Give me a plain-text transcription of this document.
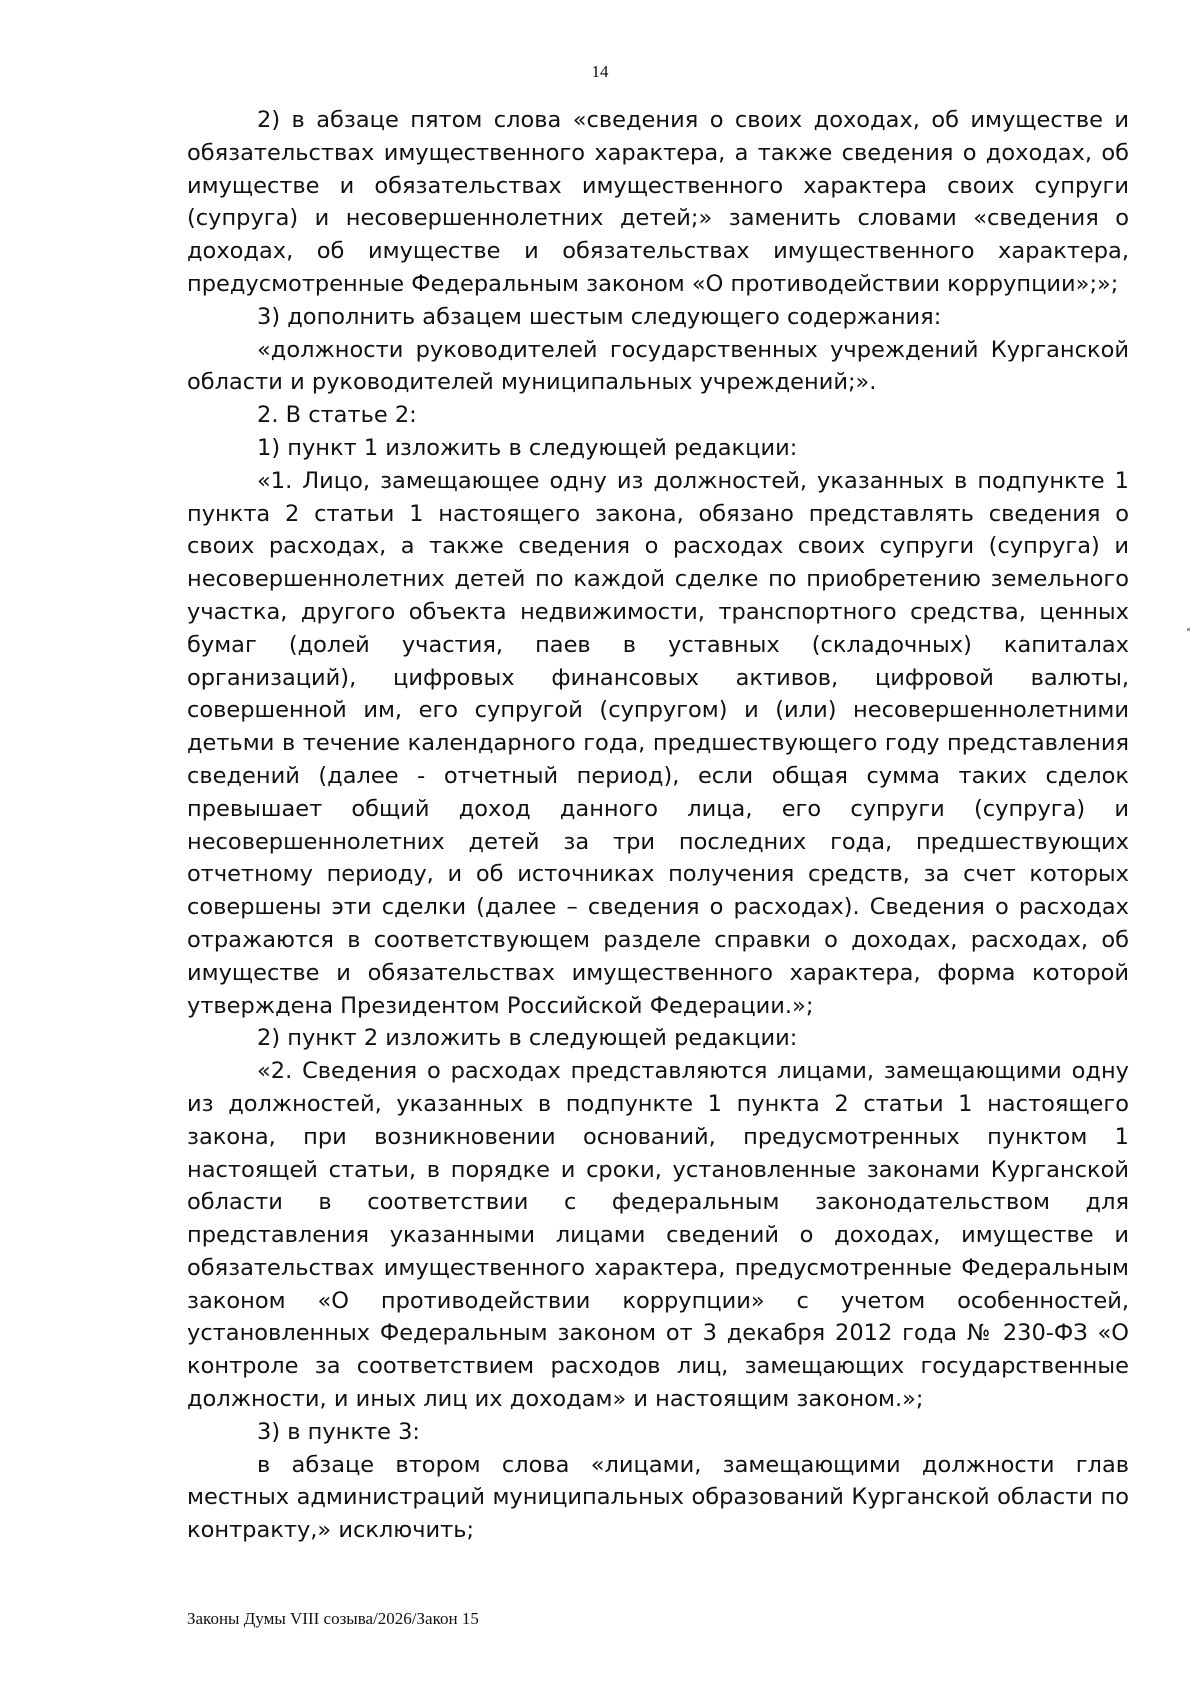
14

2) в абзаце пятом слова «сведения о своих доходах, об имуществе и обязательствах имущественного характера, а также сведения о доходах, об имуществе и обязательствах имущественного характера своих супруги (супруга) и несовершеннолетних детей;» заменить словами «сведения о доходах, об имуществе и обязательствах имущественного характера, предусмотренные Федеральным законом «О противодействии коррупции»;»;

3) дополнить абзацем шестым следующего содержания:

«должности руководителей государственных учреждений Курганской области и руководителей муниципальных учреждений;».

2. В статье 2:

1) пункт 1 изложить в следующей редакции:

«1. Лицо, замещающее одну из должностей, указанных в подпункте 1 пункта 2 статьи 1 настоящего закона, обязано представлять сведения о своих расходах, а также сведения о расходах своих супруги (супруга) и несовершеннолетних детей по каждой сделке по приобретению земельного участка, другого объекта недвижимости, транспортного средства, ценных бумаг (долей участия, паев в уставных (складочных) капиталах организаций), цифровых финансовых активов, цифровой валюты, совершенной им, его супругой (супругом) и (или) несовершеннолетними детьми в течение календарного года, предшествующего году представления сведений (далее - отчетный период), если общая сумма таких сделок превышает общий доход данного лица, его супруги (супруга) и несовершеннолетних детей за три последних года, предшествующих отчетному периоду, и об источниках получения средств, за счет которых совершены эти сделки (далее – сведения о расходах). Сведения о расходах отражаются в соответствующем разделе справки о доходах, расходах, об имуществе и обязательствах имущественного характера, форма которой утверждена Президентом Российской Федерации.»;

2) пункт 2 изложить в следующей редакции:

«2. Сведения о расходах представляются лицами, замещающими одну из должностей, указанных в подпункте 1 пункта 2 статьи 1 настоящего закона, при возникновении оснований, предусмотренных пунктом 1 настоящей статьи, в порядке и сроки, установленные законами Курганской области в соответствии с федеральным законодательством для представления указанными лицами сведений о доходах, имуществе и обязательствах имущественного характера, предусмотренные Федеральным законом «О противодействии коррупции» с учетом особенностей, установленных Федеральным законом от 3 декабря 2012 года № 230-ФЗ «О контроле за соответствием расходов лиц, замещающих государственные должности, и иных лиц их доходам» и настоящим законом.»;

3) в пункте 3:

в абзаце втором слова «лицами, замещающими должности глав местных администраций муниципальных образований Курганской области по контракту,» исключить;

Законы Думы VIII созыва/2026/Закон 15
